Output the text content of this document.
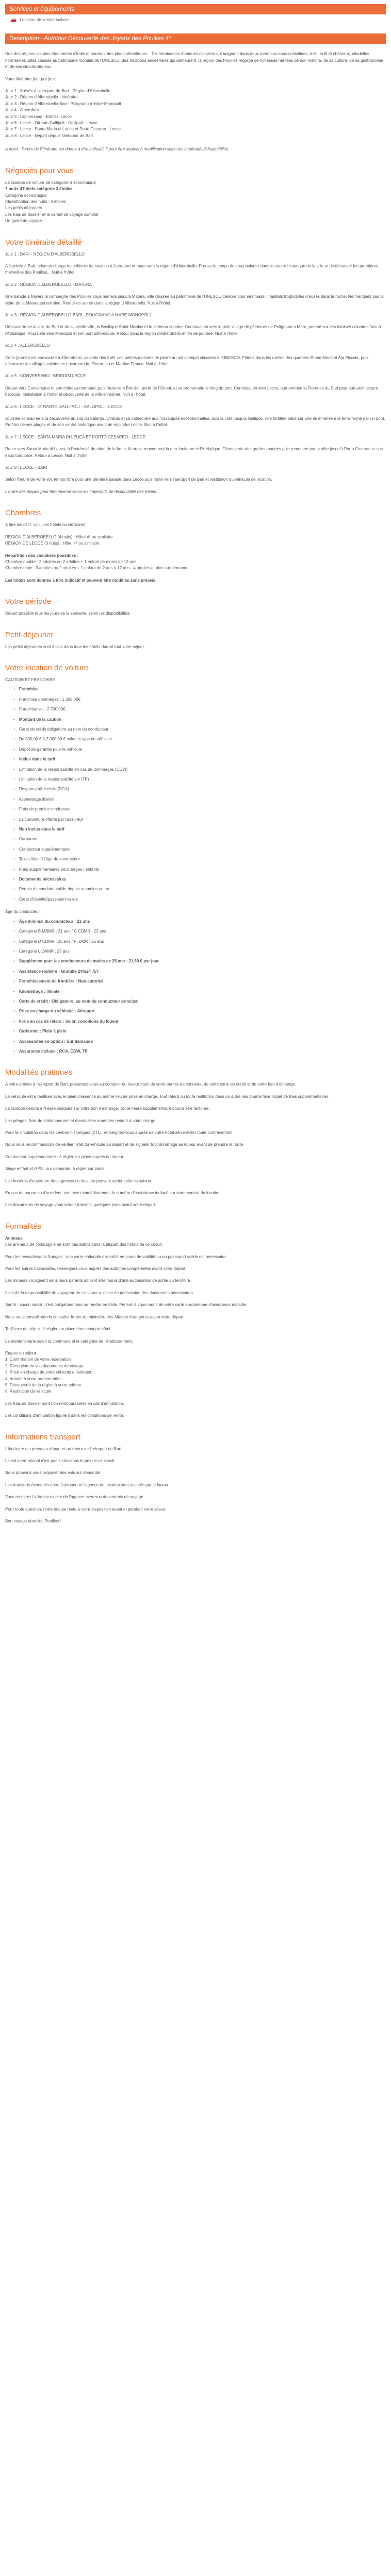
Services et équipements
🚗 Location de voiture incluse
Description - Autotour Découverte des Joyaux des Pouilles 4*

Une des régions les plus étonnantes d'Italie et pourtant des plus authentiques... D'interminables étendues d'oliviers qui baignent dans deux mers aux eaux cristallines, trulli, trulli et châteaux, citadelles normandes, sites classés au patrimoine mondial de l'UNESCO, des traditions ancestrales qui demeurent, la région des Pouilles regorge de richesses héritées de son histoire, de sa culture, de sa gastronomie et de ses circuits sinueux...

Votre itinéraire jour par jour:

Jour 1 : Arrivée à l'aéroport de Bari - Région d'Alberobello

Jour 2 : Région d'Alberobello - Itinéraire

Jour 3 : Région d'Alberobello-Bari - Polignano a Mare-Monopoli

Jour 4 : Alberobello

Jour 5 : Conversano - Brindisi Lecce

Jour 6 : Lecce - Otranto Gallipoli - Gallipoli - Lecce

Jour 7 : Lecce - Santa Maria di Leuca et Porto Cesareo - Lecce

Jour 8 : Lecce - Départ depuis l'aéroport de Bari

A noter : l'ordre de l'itinéraire est donné à titre indicatif, il peut être soumis à modification selon les impératifs d'disponibilité.

Négociés pour vous

La location de voiture de catégorie B économique

7 nuits d'hôtels catégorie 3 étoiles

Catégorie économique

Classification des nuits : 4 étoiles

Les petits déjeuners

Les frais de dossier et le carnet de voyage complet

Un guide de voyage

Votre itinéraire détaillé

Jour 1 : BARI - RÉGION D'ALBEROBELLO

A l'arrivée à Bari, prise en charge du véhicule de location à l'aéroport et route vers la région d'Alberobello. Prenez le temps de vous balader dans le centre historique de la ville et de découvrir les premières merveilles des Pouilles... Nuit à l'hôtel.

Jour 2 : RÉGION D'ALBEROBELLO - MATERA

Une balade à travers la campagne des Pouilles vous mènera jusqu'à Matera, ville classée au patrimoine de l'UNESCO célèbre pour ses 'Sassi', habitats troglodytes creusés dans la roche. Ne manquez pas la visite de la Matera souterraine. Retour en soirée dans la région d'Alberobello. Nuit à l'hôtel.

Jour 3 : RÉGION D'ALBEROBELLO-BARI - POLIGNANO A MARE-MONOPOLI

Découverte de la ville de Bari et de sa vieille ville, la Basilique Saint-Nicolas et le château souabe. Continuation vers le petit village de pêcheurs de Polignano a Mare, perché sur des falaises calcaires face à l'Adriatique. Poursuite vers Monopoli et son port pittoresque. Retour dans la région d'Alberobello en fin de journée. Nuit à l'hôtel.

Jour 4 : ALBEROBELLO

Cette journée est consacrée à Alberobello, capitale des trulli, ces petites maisons de pierre au toit conique classées à l'UNESCO. Flânez dans les ruelles des quartiers Rione Monti et Aia Piccola, puis découvrez les villages voisins de Locorotondo, Cisternino et Martina Franca. Nuit à l'hôtel.

Jour 5 : CONVERSANO - BRINDISI LECCE

Départ vers Conversano et son château normand, puis route vers Brindisi, porte de l'Orient, et sa promenade le long du port. Continuation vers Lecce, surnommée la Florence du Sud pour son architecture baroque. Installation à l'hôtel et découverte de la ville en soirée. Nuit à l'hôtel.

Jour 6 : LECCE - OTRANTO GALLIPOLI - GALLIPOLI - LECCE

Journée consacrée à la découverte du sud du Salento. Otranto et sa cathédrale aux mosaïques exceptionnelles, puis la côte jusqu'à Gallipoli, ville fortifiée bâtie sur une île et reliée à la terre ferme par un pont. Profitez de ses plages et de son centre historique avant de rejoindre Lecce. Nuit à l'hôtel.

Jour 7 : LECCE - SANTA MARIA DI LEUCA ET PORTO CESAREO - LECCE

Route vers Santa Maria di Leuca, à l'extrémité du talon de la botte, là où se rencontrent la mer Ionienne et l'Adriatique. Découverte des grottes marines puis remontée par la côte jusqu'à Porto Cesareo et ses eaux turquoise. Retour à Lecce. Nuit à l'hôtel.

Jour 8 : LECCE - BARI

Selon l'heure de votre vol, temps libre pour une dernière balade dans Lecce puis route vers l'aéroport de Bari et restitution du véhicule de location.

L'ordre des étapes peut être inversé selon les impératifs de disponibilité des hôtels.

Chambres

A titre indicatif, voici vos hôtels ou similaires :

RÉGION D'ALBEROBELLO (4 nuits) : Hôtel 4* ou similaire

RÉGION DE LECCE (3 nuits) : Hôtel 4* ou similaire

Répartition des chambres possibles :

Chambre double : 2 adultes ou 2 adultes + 1 enfant de moins de 12 ans

Chambre triple : 3 adultes ou 2 adultes + 1 enfant de 2 ans à 12 ans - 4 adultes et plus sur demande

Les hôtels sont donnés à titre indicatif et peuvent être modifiés sans préavis.

Votre période

Départ possible tous les jours de la semaine, selon les disponibilités.

Petit-déjeuner

Les petits déjeuners sont inclus dans tous les hôtels durant tout votre séjour.

Votre location de voiture

CAUTION ET FRANCHISE

• Franchise
• Franchise dommages : 1 500,00€
• Franchise vol : 2 700,00€
• Montant de la caution
• Carte de crédit obligatoire au nom du conducteur
• De 800,00 € à 2 000,00 € selon le type de véhicule
• Dépôt de garantie pour le véhicule
• Inclus dans le tarif
• Limitation de la responsabilité en cas de dommages (CDW)
• Limitation de la responsabilité vol (TP)
• Responsabilité civile (RCA)
• Kilométrage illimité
• Frais de premier conducteur
• La couverture offerte par l'assureur
• Non inclus dans le tarif
• Carburant
• Conducteur supplémentaire
• Taxes liées à l'âge du conducteur
• Frais supplémentaires pour sièges / enfants
• Documents nécessaires
• Permis de conduire valide depuis au moins un an
• Carte d'identité/passeport valide

Âge du conducteur

• Âge minimal du conducteur : 21 ans
• Catégorie B MBMR : 21 ans / C CDMR : 23 ans
• Catégorie D CDMR : 25 ans / F IDMR : 25 ans
• Catégorie L LWMR : 27 ans
• Supplément pour les conducteurs de moins de 25 ans : 21,60 € par jour
• Assistance routière : Gratuite 24h/24 7j/7
• Franchissement de frontière : Non autorisé
• Kilométrage : Illimité
• Carte de crédit : Obligatoire, au nom du conducteur principal
• Prise en charge du véhicule : Aéroport
• Frais en cas de retard : Selon conditions du loueur
• Carburant : Plein à plein
• Accessoires en option : Sur demande
• Assurance incluse : RCA, CDW, TP
Modalités pratiques

A votre arrivée à l'aéroport de Bari, présentez-vous au comptoir du loueur muni de votre permis de conduire, de votre carte de crédit et de votre bon d'échange.

Le véhicule est à restituer avec le plein d'essence au même lieu de prise en charge. Tout retard ou toute restitution dans un autre lieu pourra faire l'objet de frais supplémentaires.

La location débute à l'heure indiquée sur votre bon d'échange. Toute heure supplémentaire pourra être facturée.

Les péages, frais de stationnement et éventuelles amendes restent à votre charge.

Pour la circulation dans les centres historiques (ZTL), renseignez-vous auprès de votre hôtel afin d'éviter toute contravention.

Nous vous recommandons de vérifier l'état du véhicule au départ et de signaler tout dommage au loueur avant de prendre la route.

Conducteur supplémentaire : à régler sur place auprès du loueur.

Siège enfant et GPS : sur demande, à régler sur place.

Les horaires d'ouverture des agences de location peuvent varier selon la saison.

En cas de panne ou d'accident, contactez immédiatement le numéro d'assistance indiqué sur votre contrat de location.

Les documents de voyage vous seront transmis quelques jours avant votre départ.

Formalités

Animaux

Les animaux de compagnie ne sont pas admis dans la plupart des hôtels de ce circuit.

Pour les ressortissants français : une carte nationale d'identité en cours de validité ou un passeport valide est nécessaire.

Pour les autres nationalités, renseignez-vous auprès des autorités compétentes avant votre départ.

Les mineurs voyageant sans leurs parents doivent être munis d'une autorisation de sortie du territoire.

Il est de la responsabilité du voyageur de s'assurer qu'il est en possession des documents nécessaires.

Santé : aucun vaccin n'est obligatoire pour se rendre en Italie. Pensez à vous munir de votre carte européenne d'assurance maladie.

Nous vous conseillons de consulter le site du ministère des Affaires étrangères avant votre départ.

Tarif taxe de séjour : à régler sur place dans chaque hôtel.

Le montant varie selon la commune et la catégorie de l'établissement.

Étapes du séjour :

1. Confirmation de votre réservation

2. Réception de vos documents de voyage

3. Prise en charge de votre véhicule à l'aéroport

4. Arrivée à votre premier hôtel

5. Découverte de la région à votre rythme

6. Restitution du véhicule

Les frais de dossier sont non remboursables en cas d'annulation.

Les conditions d'annulation figurent dans les conditions de vente.

Informations transport

L'itinéraire est prévu au départ et au retour de l'aéroport de Bari.

Le vol international n'est pas inclus dans le prix de ce circuit.

Nous pouvons vous proposer des vols sur demande.

Les transferts éventuels entre l'aéroport et l'agence de location sont assurés par le loueur.

Vous recevrez l'adresse exacte de l'agence avec vos documents de voyage.

Pour toute question, notre équipe reste à votre disposition avant et pendant votre séjour.

Bon voyage dans les Pouilles !
